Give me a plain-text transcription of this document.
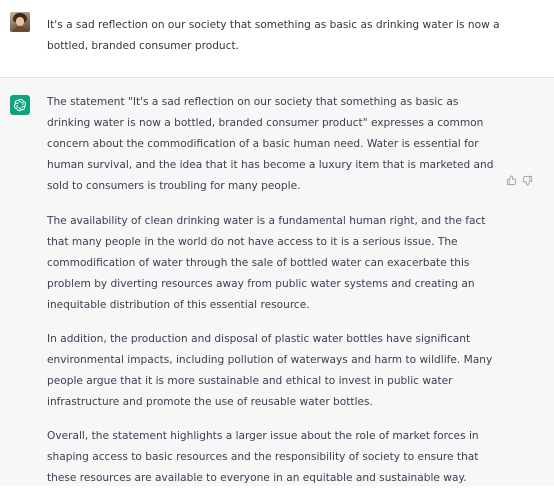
It's a sad reflection on our society that something as basic as drinking water is now a bottled, branded consumer product.

The statement "It's a sad reflection on our society that something as basic as drinking water is now a bottled, branded consumer product" expresses a common concern about the commodification of a basic human need. Water is essential for human survival, and the idea that it has become a luxury item that is marketed and sold to consumers is troubling for many people.

The availability of clean drinking water is a fundamental human right, and the fact that many people in the world do not have access to it is a serious issue. The commodification of water through the sale of bottled water can exacerbate this problem by diverting resources away from public water systems and creating an inequitable distribution of this essential resource.

In addition, the production and disposal of plastic water bottles have significant environmental impacts, including pollution of waterways and harm to wildlife. Many people argue that it is more sustainable and ethical to invest in public water infrastructure and promote the use of reusable water bottles.

Overall, the statement highlights a larger issue about the role of market forces in shaping access to basic resources and the responsibility of society to ensure that these resources are available to everyone in an equitable and sustainable way.
